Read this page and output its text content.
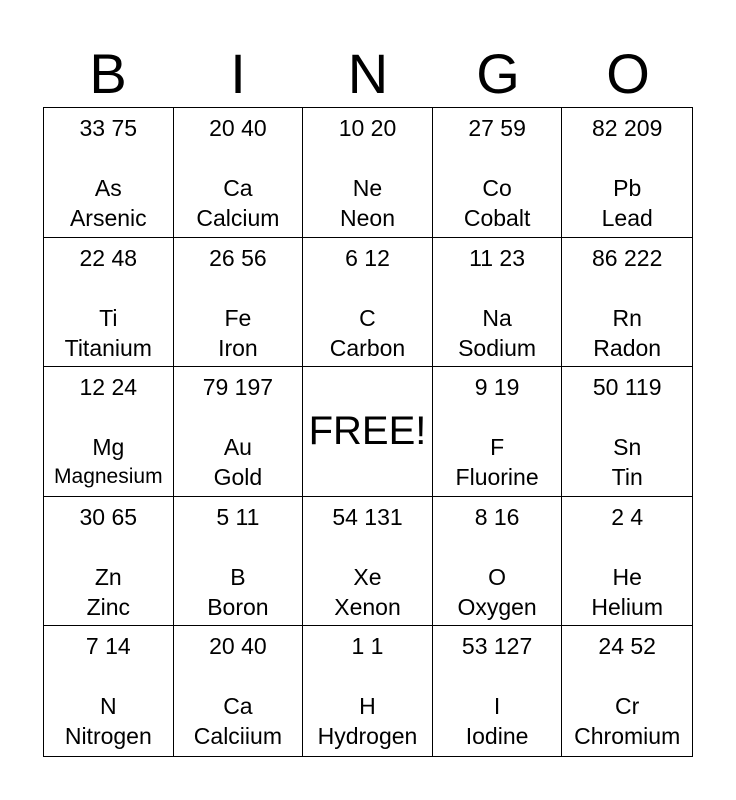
B	I	N	G	O
33 75
As
Arsenic
20 40
Ca
Calcium
10 20
Ne
Neon
27 59
Co
Cobalt
82 209
Pb
Lead
22 48
Ti
Titanium
26 56
Fe
Iron
6 12
C
Carbon
11 23
Na
Sodium
86 222
Rn
Radon
12 24
Mg
Magnesium
79 197
Au
Gold
FREE!
9 19
F
Fluorine
50 119
Sn
Tin
30 65
Zn
Zinc
5 11
B
Boron
54 131
Xe
Xenon
8 16
O
Oxygen
2 4
He
Helium
7 14
N
Nitrogen
20 40
Ca
Calciium
1 1
H
Hydrogen
53 127
I
Iodine
24 52
Cr
Chromium
